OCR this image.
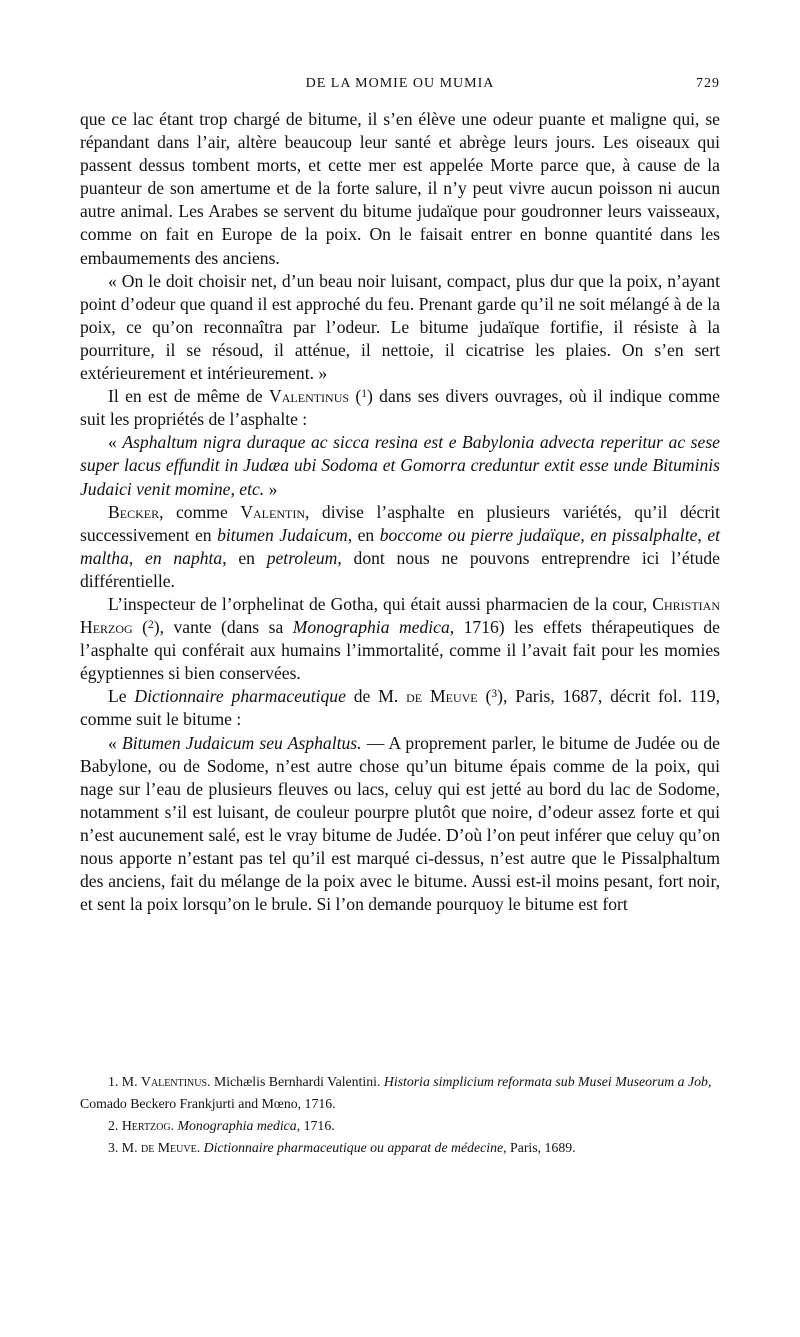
DE LA MOMIE OU MUMIA	729

que ce lac étant trop chargé de bitume, il s’en élève une odeur puante et maligne qui, se répandant dans l’air, altère beaucoup leur santé et abrège leurs jours. Les oiseaux qui passent dessus tombent morts, et cette mer est appelée Morte parce que, à cause de la puanteur de son amertume et de la forte salure, il n’y peut vivre aucun poisson ni aucun autre animal. Les Arabes se servent du bitume judaïque pour goudronner leurs vaisseaux, comme on fait en Europe de la poix. On le faisait entrer en bonne quantité dans les embaumements des anciens.

« On le doit choisir net, d’un beau noir luisant, compact, plus dur que la poix, n’ayant point d’odeur que quand il est approché du feu. Prenant garde qu’il ne soit mélangé à de la poix, ce qu’on reconnaîtra par l’odeur. Le bitume judaïque fortifie, il résiste à la pourriture, il se résoud, il atténue, il nettoie, il cicatrise les plaies. On s’en sert extérieurement et intérieurement. »

Il en est de même de Valentinus ($^1$) dans ses divers ouvrages, où il indique comme suit les propriétés de l’asphalte :

« Asphaltum nigra duraque ac sicca resina est e Babylonia advecta reperitur ac sese super lacus effundit in Judæa ubi Sodoma et Gomorra creduntur extit esse unde Bituminis Judaici venit momine, etc. »

Becker, comme Valentin, divise l’asphalte en plusieurs variétés, qu’il décrit successivement en bitumen Judaicum, en boccome ou pierre judaïque, en pissalphalte, et maltha, en naphta, en petroleum, dont nous ne pouvons entreprendre ici l’étude différentielle.

L’inspecteur de l’orphelinat de Gotha, qui était aussi pharmacien de la cour, Christian Herzog ($^2$), vante (dans sa Monographia medica, 1716) les effets thérapeutiques de l’asphalte qui conférait aux humains l’immortalité, comme il l’avait fait pour les momies égyptiennes si bien conservées.

Le Dictionnaire pharmaceutique de M. de Meuve ($^3$), Paris, 1687, décrit fol. 119, comme suit le bitume :

« Bitumen Judaicum seu Asphaltus. — A proprement parler, le bitume de Judée ou de Babylone, ou de Sodome, n’est autre chose qu’un bitume épais comme de la poix, qui nage sur l’eau de plusieurs fleuves ou lacs, celuy qui est jetté au bord du lac de Sodome, notamment s’il est luisant, de couleur pourpre plutôt que noire, d’odeur assez forte et qui n’est aucunement salé, est le vray bitume de Judée. D’où l’on peut inférer que celuy qu’on nous apporte n’estant pas tel qu’il est marqué ci-dessus, n’est autre que le Pissalphaltum des anciens, fait du mélange de la poix avec le bitume. Aussi est-il moins pesant, fort noir, et sent la poix lorsqu’on le brule. Si l’on demande pourquoy le bitume est fort

1. M. Valentinus. Michælis Bernhardi Valentini. Historia simplicium reformata sub Musei Museorum a Job, Comado Beckero Frankjurti and Mœno, 1716.

2. Hertzog. Monographia medica, 1716.

3. M. de Meuve. Dictionnaire pharmaceutique ou apparat de médecine, Paris, 1689.
